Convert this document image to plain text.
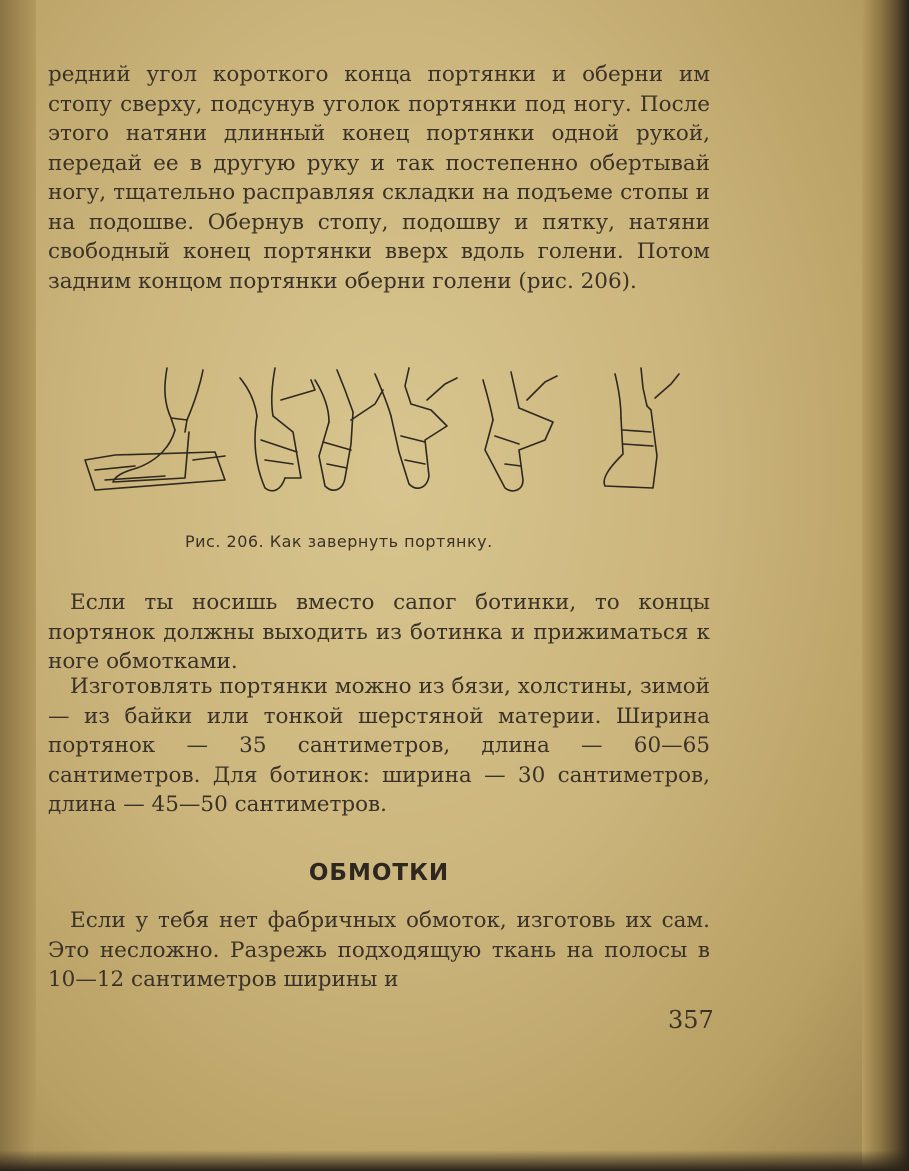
редний угол короткого конца портянки и оберни им стопу сверху, подсунув уголок портянки под ногу. После этого натяни длинный конец портянки одной рукой, передай ее в другую руку и так постепенно обертывай ногу, тщательно расправляя складки на подъеме стопы и на подошве. Обернув стопу, подошву и пятку, натяни свободный конец портянки вверх вдоль голени. Потом задним концом портянки оберни голени (рис. 206).

Рис. 206. Как завернуть портянку.

Если ты носишь вместо сапог ботинки, то концы портянок должны выходить из ботинка и прижиматься к ноге обмотками.

Изготовлять портянки можно из бязи, холстины, зимой — из байки или тонкой шерстяной материи. Ширина портянок — 35 сантиметров, длина — 60—65 сантиметров. Для ботинок: ширина — 30 сантиметров, длина — 45—50 сантиметров.

ОБМОТКИ

Если у тебя нет фабричных обмоток, изготовь их сам. Это несложно. Разрежь подходящую ткань на полосы в 10—12 сантиметров ширины и

357
